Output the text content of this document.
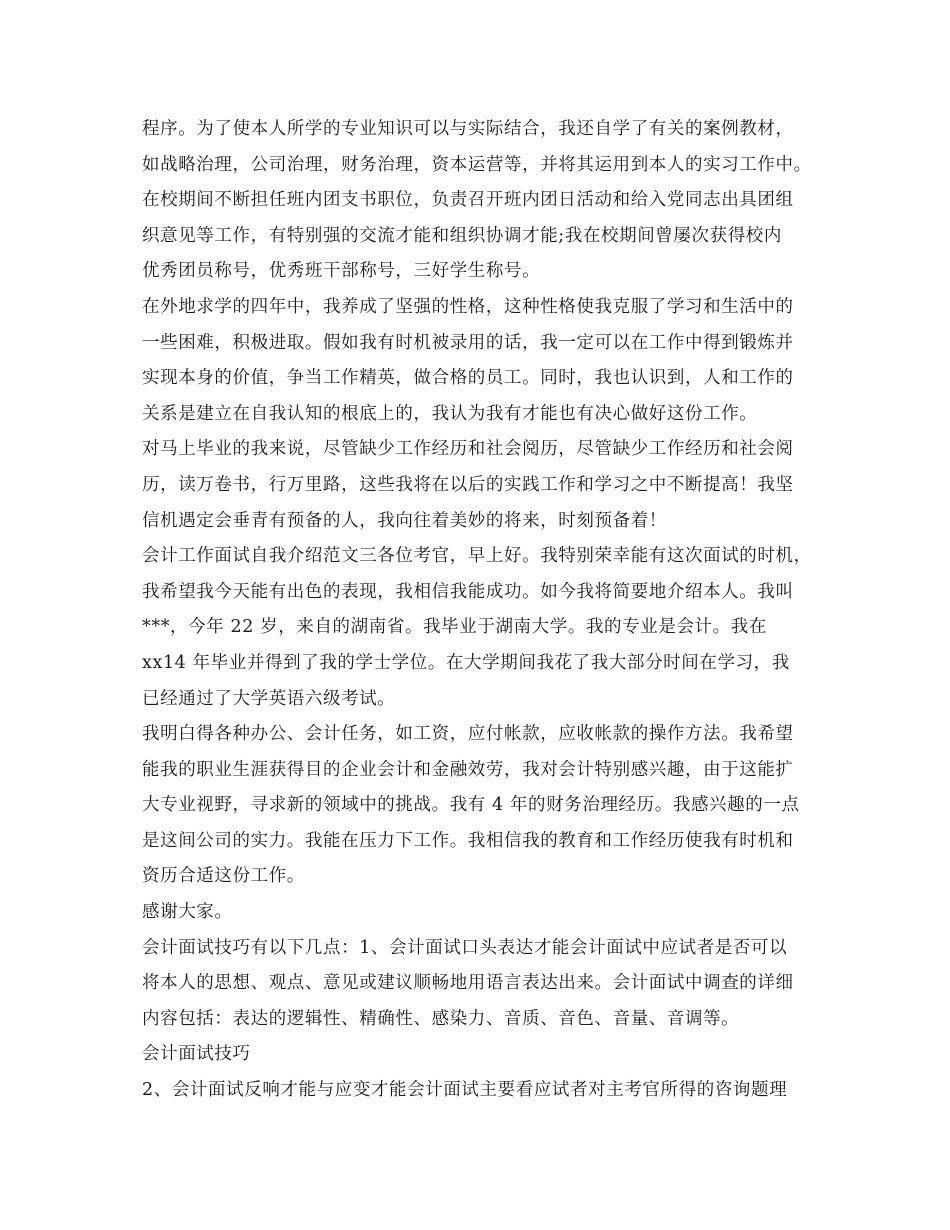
程序。为了使本人所学的专业知识可以与实际结合，我还自学了有关的案例教材，
如战略治理，公司治理，财务治理，资本运营等，并将其运用到本人的实习工作中。
在校期间不断担任班内团支书职位，负责召开班内团日活动和给入党同志出具团组
织意见等工作，有特别强的交流才能和组织协调才能;我在校期间曾屡次获得校内
优秀团员称号，优秀班干部称号，三好学生称号。
在外地求学的四年中，我养成了坚强的性格，这种性格使我克服了学习和生活中的
一些困难，积极进取。假如我有时机被录用的话，我一定可以在工作中得到锻炼并
实现本身的价值，争当工作精英，做合格的员工。同时，我也认识到，人和工作的
关系是建立在自我认知的根底上的，我认为我有才能也有决心做好这份工作。
对马上毕业的我来说，尽管缺少工作经历和社会阅历，尽管缺少工作经历和社会阅
历，读万卷书，行万里路，这些我将在以后的实践工作和学习之中不断提高！我坚
信机遇定会垂青有预备的人，我向往着美妙的将来，时刻预备着！
会计工作面试自我介绍范文三各位考官，早上好。我特别荣幸能有这次面试的时机，
我希望我今天能有出色的表现，我相信我能成功。如今我将简要地介绍本人。我叫
***，今年 22 岁，来自的湖南省。我毕业于湖南大学。我的专业是会计。我在
xx14 年毕业并得到了我的学士学位。在大学期间我花了我大部分时间在学习，我
已经通过了大学英语六级考试。
我明白得各种办公、会计任务，如工资，应付帐款，应收帐款的操作方法。我希望
能我的职业生涯获得目的企业会计和金融效劳，我对会计特别感兴趣，由于这能扩
大专业视野，寻求新的领域中的挑战。我有 4 年的财务治理经历。我感兴趣的一点
是这间公司的实力。我能在压力下工作。我相信我的教育和工作经历使我有时机和
资历合适这份工作。
感谢大家。
会计面试技巧有以下几点：1、会计面试口头表达才能会计面试中应试者是否可以
将本人的思想、观点、意见或建议顺畅地用语言表达出来。会计面试中调查的详细
内容包括：表达的逻辑性、精确性、感染力、音质、音色、音量、音调等。
会计面试技巧
2、会计面试反响才能与应变才能会计面试主要看应试者对主考官所得的咨询题理
